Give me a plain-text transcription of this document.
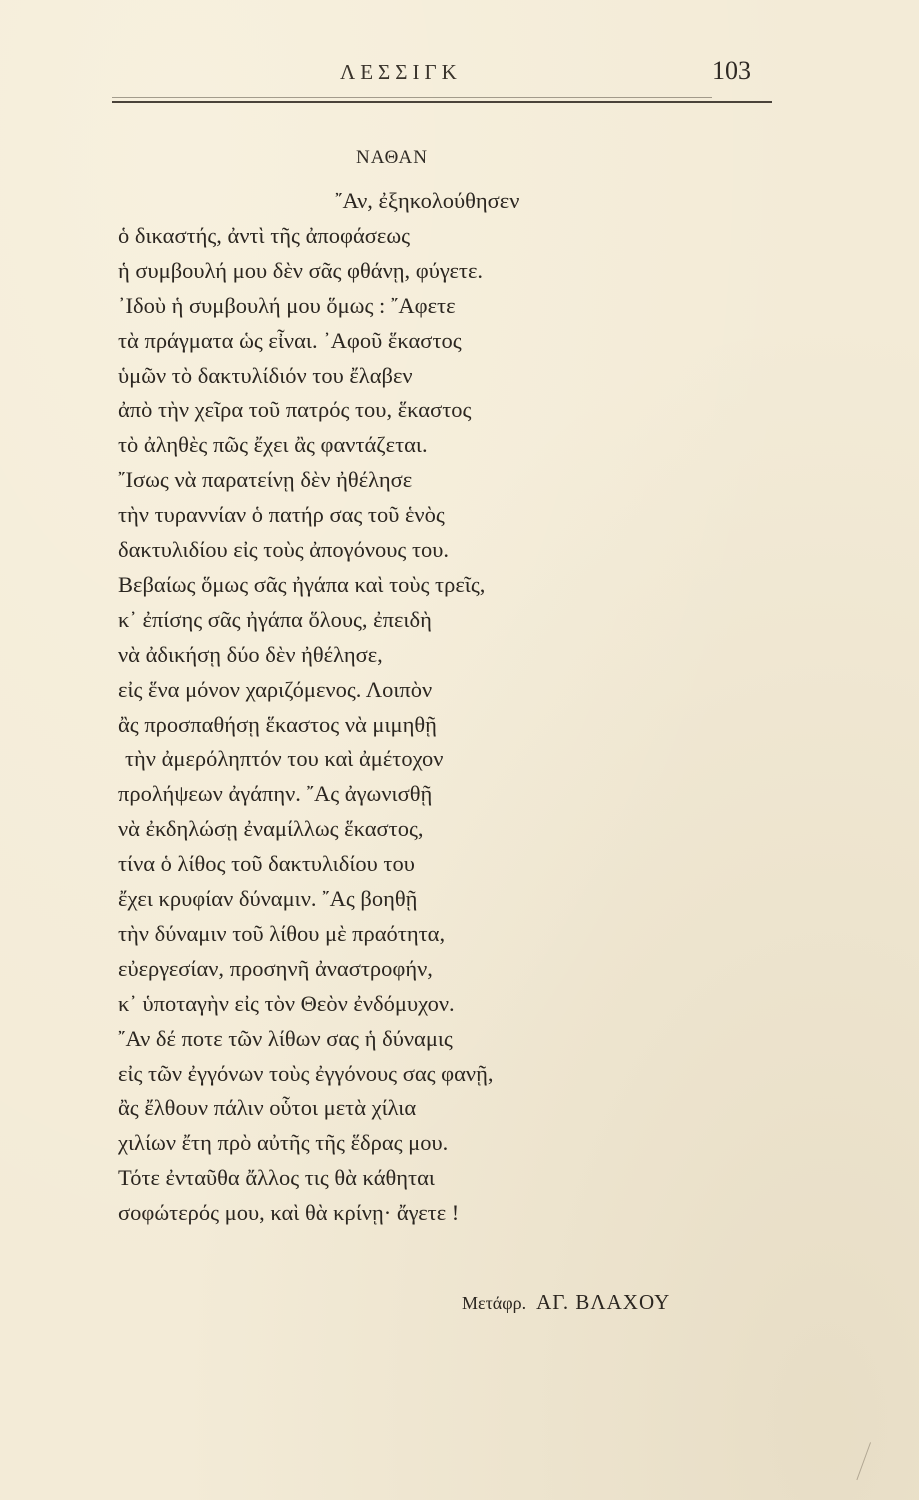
ΛΕΣΣΙΓΚ	103
ΝΑΘΑΝ
῎Αν, ἐξηκολούθησεν
ὁ δικαστής, ἀντὶ τῆς ἀποφάσεως
ἡ συμβουλή μου δὲν σᾶς φθάνῃ, φύγετε.
᾿Ιδοὺ ἡ συμβουλή μου ὅμως : ῎Αφετε
τὰ πράγματα ὡς εἶναι. ᾿Αφοῦ ἕκαστος
ὑμῶν τὸ δακτυλίδιόν του ἔλαβεν
ἀπὸ τὴν χεῖρα τοῦ πατρός του, ἕκαστος
τὸ ἀληθὲς πῶς ἔχει ἂς φαντάζεται.
῎Ισως νὰ παρατείνῃ δὲν ἠθέλησε
τὴν τυραννίαν ὁ πατήρ σας τοῦ ἑνὸς
δακτυλιδίου εἰς τοὺς ἀπογόνους του.
Βεβαίως ὅμως σᾶς ἠγάπα καὶ τοὺς τρεῖς,
κ᾿ ἐπίσης σᾶς ἠγάπα ὅλους, ἐπειδὴ
νὰ ἀδικήσῃ δύο δὲν ἠθέλησε,
εἰς ἕνα μόνον χαριζόμενος. Λοιπὸν
ἂς προσπαθήσῃ ἕκαστος νὰ μιμηθῇ
τὴν ἀμερόληπτόν του καὶ ἀμέτοχον
προλήψεων ἀγάπην. ῎Ας ἀγωνισθῇ
νὰ ἐκδηλώσῃ ἐναμίλλως ἕκαστος,
τίνα ὁ λίθος τοῦ δακτυλιδίου του
ἔχει κρυφίαν δύναμιν. ῎Ας βοηθῇ
τὴν δύναμιν τοῦ λίθου μὲ πραότητα,
εὐεργεσίαν, προσηνῆ ἀναστροφήν,
κ᾿ ὑποταγὴν εἰς τὸν Θεὸν ἐνδόμυχον.
῎Αν δέ ποτε τῶν λίθων σας ἡ δύναμις
εἰς τῶν ἐγγόνων τοὺς ἐγγόνους σας φανῇ,
ἂς ἔλθουν πάλιν οὗτοι μετὰ χίλια
χιλίων ἔτη πρὸ αὐτῆς τῆς ἕδρας μου.
Τότε ἐνταῦθα ἄλλος τις θὰ κάθηται
σοφώτερός μου, καὶ θὰ κρίνῃ· ἄγετε !
Μετάφρ. ΑΓ. ΒΛΑΧΟΥ
